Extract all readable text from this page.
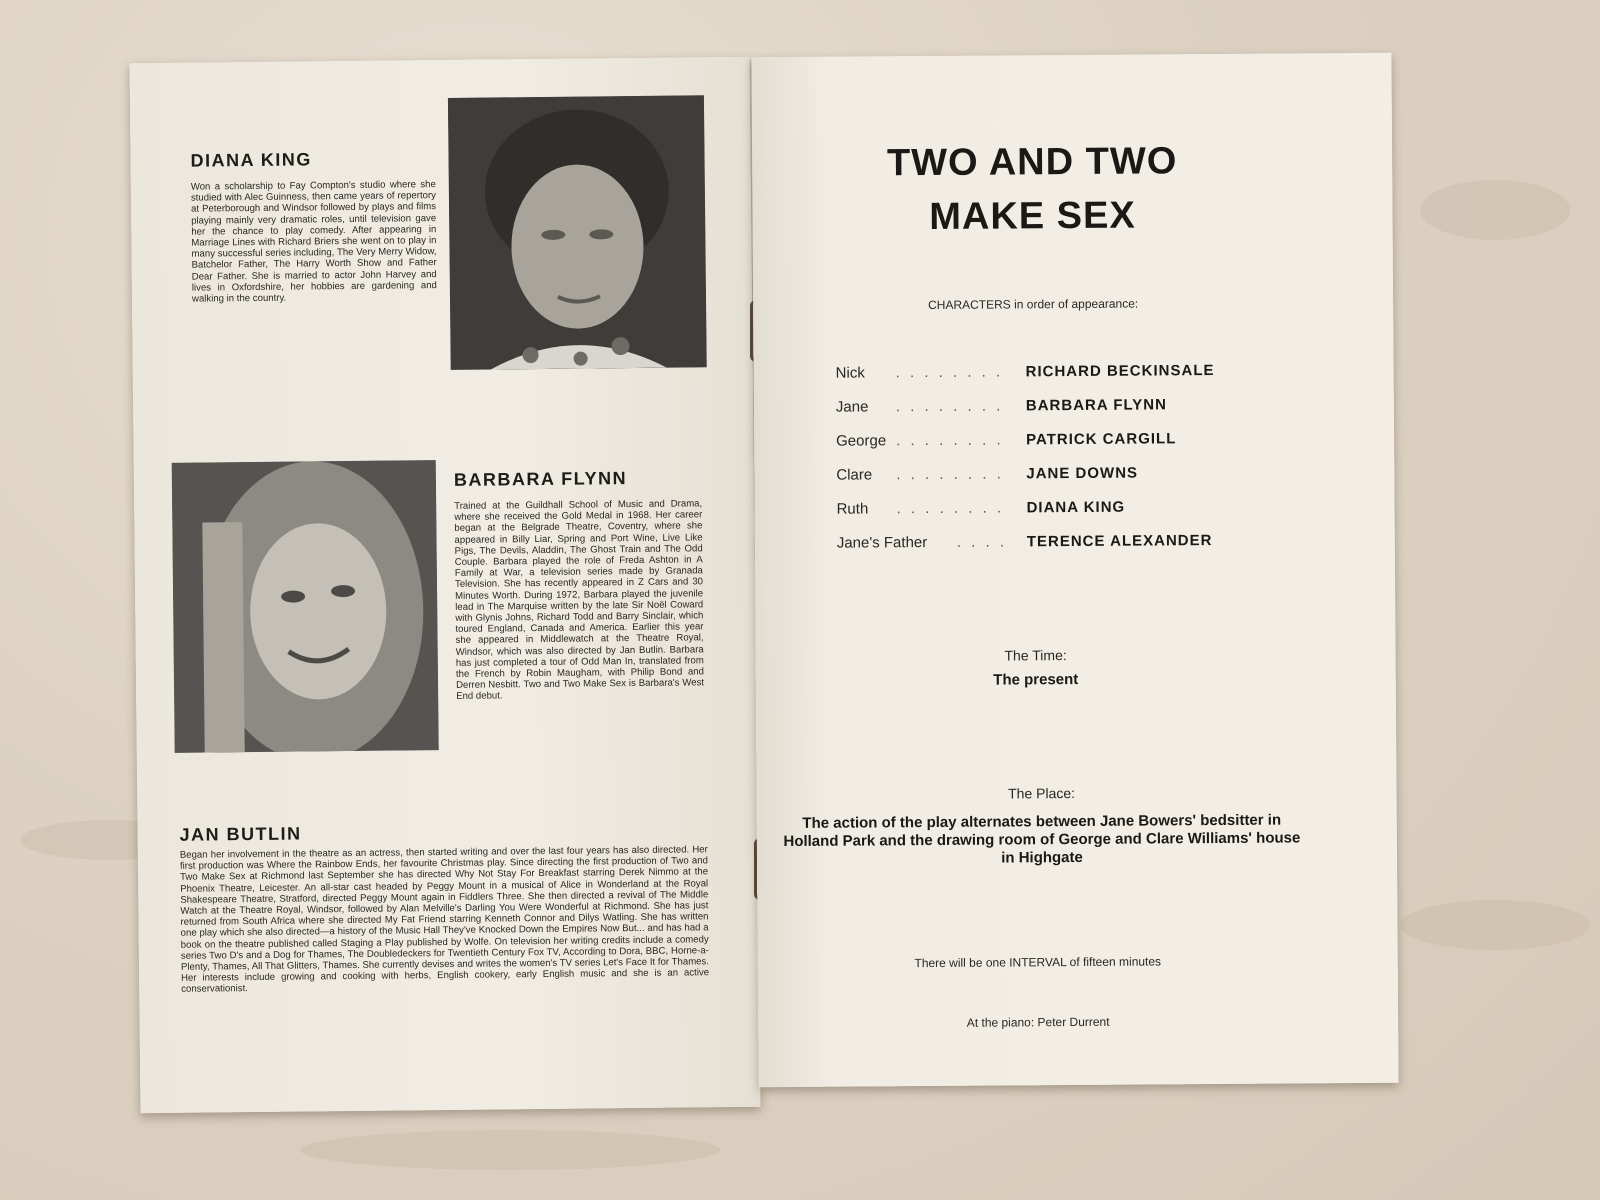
DIANA KING

Won a scholarship to Fay Compton's studio where she studied with Alec Guinness, then came years of repertory at Peterborough and Windsor followed by plays and films playing mainly very dramatic roles, until television gave her the chance to play comedy. After appearing in Marriage Lines with Richard Briers she went on to play in many successful series including, The Very Merry Widow, Batchelor Father, The Harry Worth Show and Father Dear Father. She is married to actor John Harvey and lives in Oxfordshire, her hobbies are gardening and walking in the country.

BARBARA FLYNN

Trained at the Guildhall School of Music and Drama, where she received the Gold Medal in 1968. Her career began at the Belgrade Theatre, Coventry, where she appeared in Billy Liar, Spring and Port Wine, Live Like Pigs, The Devils, Aladdin, The Ghost Train and The Odd Couple. Barbara played the role of Freda Ashton in A Family at War, a television series made by Granada Television. She has recently appeared in Z Cars and 30 Minutes Worth. During 1972, Barbara played the juvenile lead in The Marquise written by the late Sir Noël Coward with Glynis Johns, Richard Todd and Barry Sinclair, which toured England, Canada and America. Earlier this year she appeared in Middlewatch at the Theatre Royal, Windsor, which was also directed by Jan Butlin. Barbara has just completed a tour of Odd Man In, translated from the French by Robin Maugham, with Philip Bond and Derren Nesbitt. Two and Two Make Sex is Barbara's West End debut.

JAN BUTLIN

Began her involvement in the theatre as an actress, then started writing and over the last four years has also directed. Her first production was Where the Rainbow Ends, her favourite Christmas play. Since directing the first production of Two and Two Make Sex at Richmond last September she has directed Why Not Stay For Breakfast starring Derek Nimmo at the Phoenix Theatre, Leicester. An all-star cast headed by Peggy Mount in a musical of Alice in Wonderland at the Royal Shakespeare Theatre, Stratford, directed Peggy Mount again in Fiddlers Three. She then directed a revival of The Middle Watch at the Theatre Royal, Windsor, followed by Alan Melville's Darling You Were Wonderful at Richmond. She has just returned from South Africa where she directed My Fat Friend starring Kenneth Connor and Dilys Watling. She has written one play which she also directed—a history of the Music Hall They've Knocked Down the Empires Now But... and has had a book on the theatre published called Staging a Play published by Wolfe. On television her writing credits include a comedy series Two D's and a Dog for Thames, The Doubledeckers for Twentieth Century Fox TV, According to Dora, BBC, Horne-a-Plenty, Thames, All That Glitters, Thames. She currently devises and writes the women's TV series Let's Face It for Thames. Her interests include growing and cooking with herbs, English cookery, early English music and she is an active conservationist.

TWO AND TWO

MAKE SEX

CHARACTERS in order of appearance:

Nick	. . . . . . . .	RICHARD BECKINSALE
Jane	. . . . . . . .	BARBARA FLYNN
George . . . . . . . .	PATRICK CARGILL
Clare	. . . . . . . .	JANE DOWNS
Ruth	. . . . . . . .	DIANA KING
Jane's Father	. . . .	TERENCE ALEXANDER

The Time:

The present

The Place:

The action of the play alternates between Jane Bowers' bedsitter in Holland Park and the drawing room of George and Clare Williams' house in Highgate

There will be one INTERVAL of fifteen minutes

At the piano: Peter Durrent
